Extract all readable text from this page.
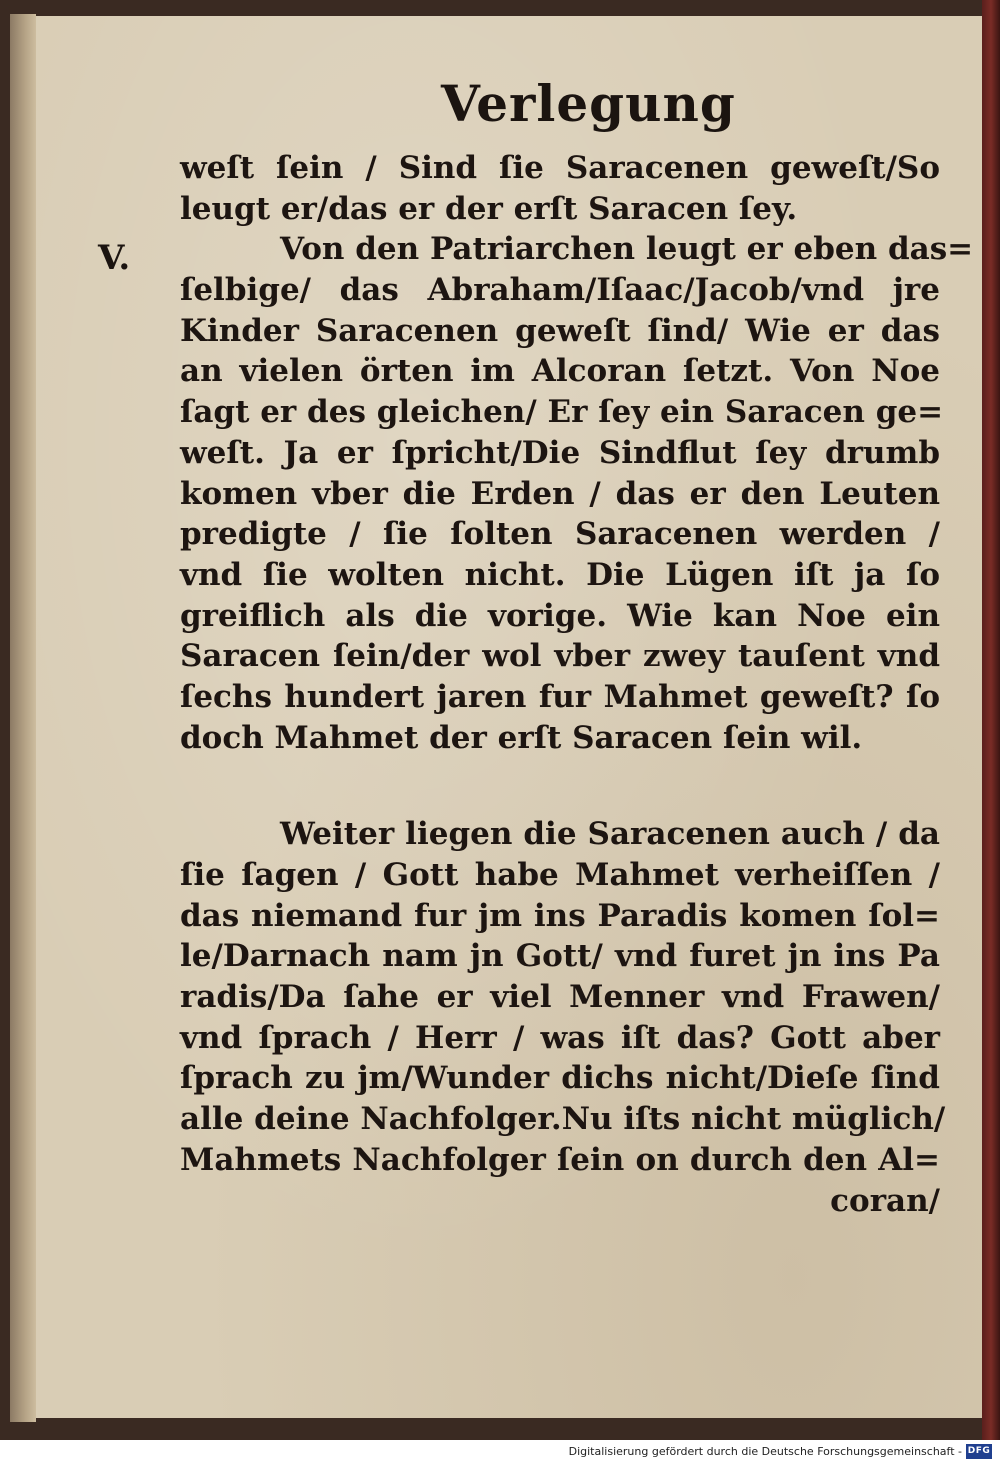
Verlegung
V.
weſt ſein / Sind ſie Saracenen geweſt/So
leugt er/das er der erſt Saracen ſey.
Von den Patriarchen leugt er eben das=
ſelbige/ das Abraham/Iſaac/Jacob/vnd jre
Kinder Saracenen geweſt ſind/ Wie er das
an vielen örten im Alcoran ſetzt. Von Noe
ſagt er des gleichen/ Er ſey ein Saracen ge=
weſt. Ja er ſpricht/Die Sindflut ſey drumb
komen vber die Erden / das er den Leuten
predigte / ſie ſolten Saracenen werden /
vnd ſie wolten nicht. Die Lügen iſt ja ſo
greiflich als die vorige. Wie kan Noe ein
Saracen ſein/der wol vber zwey tauſent vnd
ſechs hundert jaren fur Mahmet geweſt? ſo
doch Mahmet der erſt Saracen ſein wil.
Weiter liegen die Saracenen auch / da
ſie ſagen / Gott habe Mahmet verheiſſen /
das niemand fur jm ins Paradis komen ſol=
le/Darnach nam jn Gott/ vnd furet jn ins Pa
radis/Da ſahe er viel Menner vnd Frawen/
vnd ſprach / Herr / was iſt das? Gott aber
ſprach zu jm/Wunder dichs nicht/Dieſe ſind
alle deine Nachfolger.Nu iſts nicht müglich/
Mahmets Nachfolger ſein on durch den Al=
coran/
Digitalisierung gefördert durch die Deutsche Forschungsgemeinschaft - DFG
